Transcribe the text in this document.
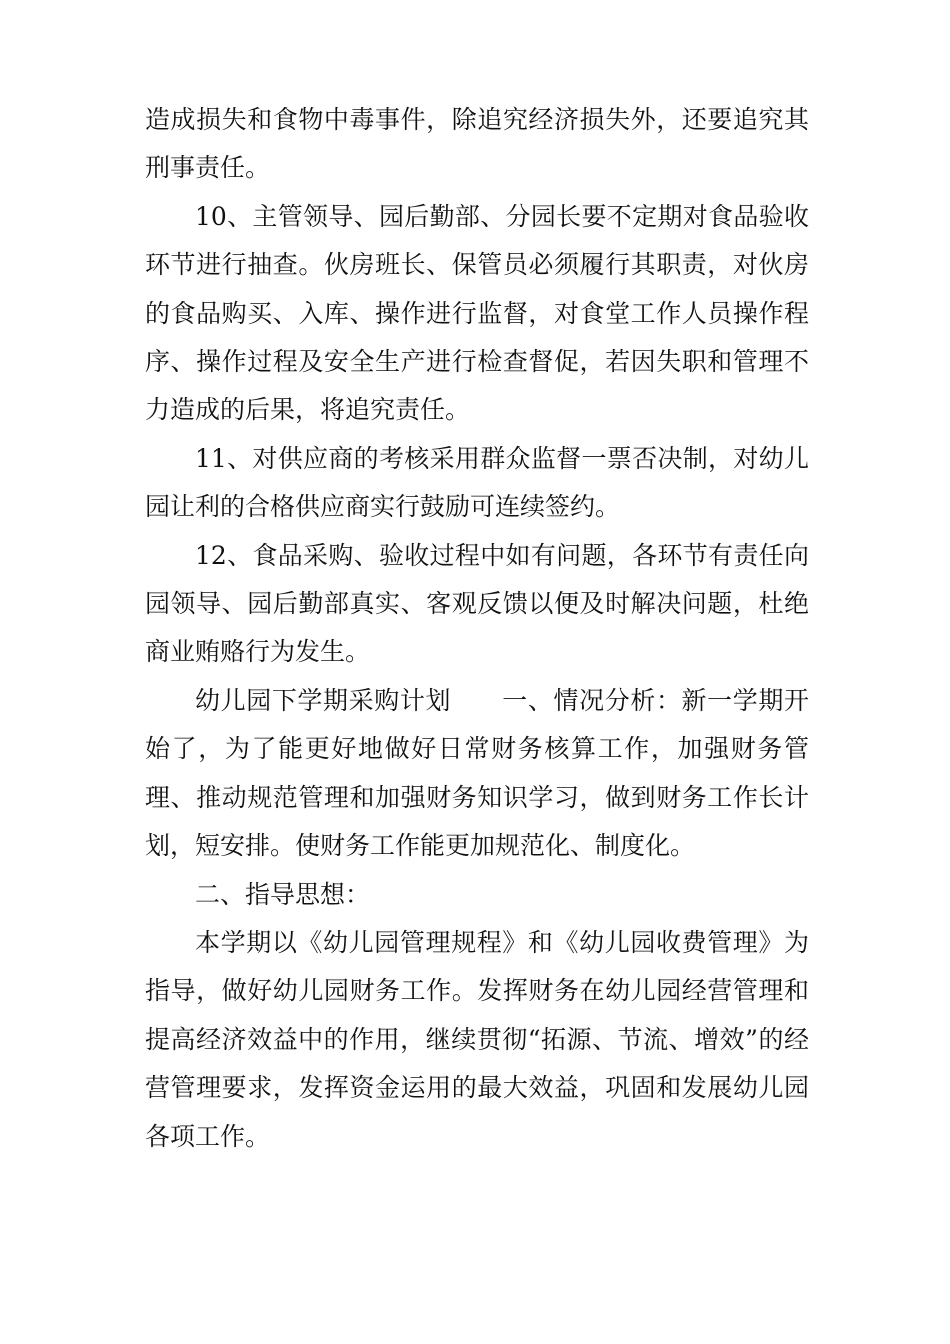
造成损失和食物中毒事件，除追究经济损失外，还要追究其刑事责任。

10、主管领导、园后勤部、分园长要不定期对食品验收环节进行抽查。伙房班长、保管员必须履行其职责，对伙房的食品购买、入库、操作进行监督，对食堂工作人员操作程序、操作过程及安全生产进行检查督促，若因失职和管理不力造成的后果，将追究责任。

11、对供应商的考核采用群众监督一票否决制，对幼儿园让利的合格供应商实行鼓励可连续签约。

12、食品采购、验收过程中如有问题，各环节有责任向园领导、园后勤部真实、客观反馈以便及时解决问题，杜绝商业贿赂行为发生。

幼儿园下学期采购计划　　一、情况分析：新一学期开始了，为了能更好地做好日常财务核算工作，加强财务管理、推动规范管理和加强财务知识学习，做到财务工作长计划，短安排。使财务工作能更加规范化、制度化。

二、指导思想：

本学期以《幼儿园管理规程》和《幼儿园收费管理》为指导，做好幼儿园财务工作。发挥财务在幼儿园经营管理和提高经济效益中的作用，继续贯彻“拓源、节流、增效”的经营管理要求，发挥资金运用的最大效益，巩固和发展幼儿园各项工作。
